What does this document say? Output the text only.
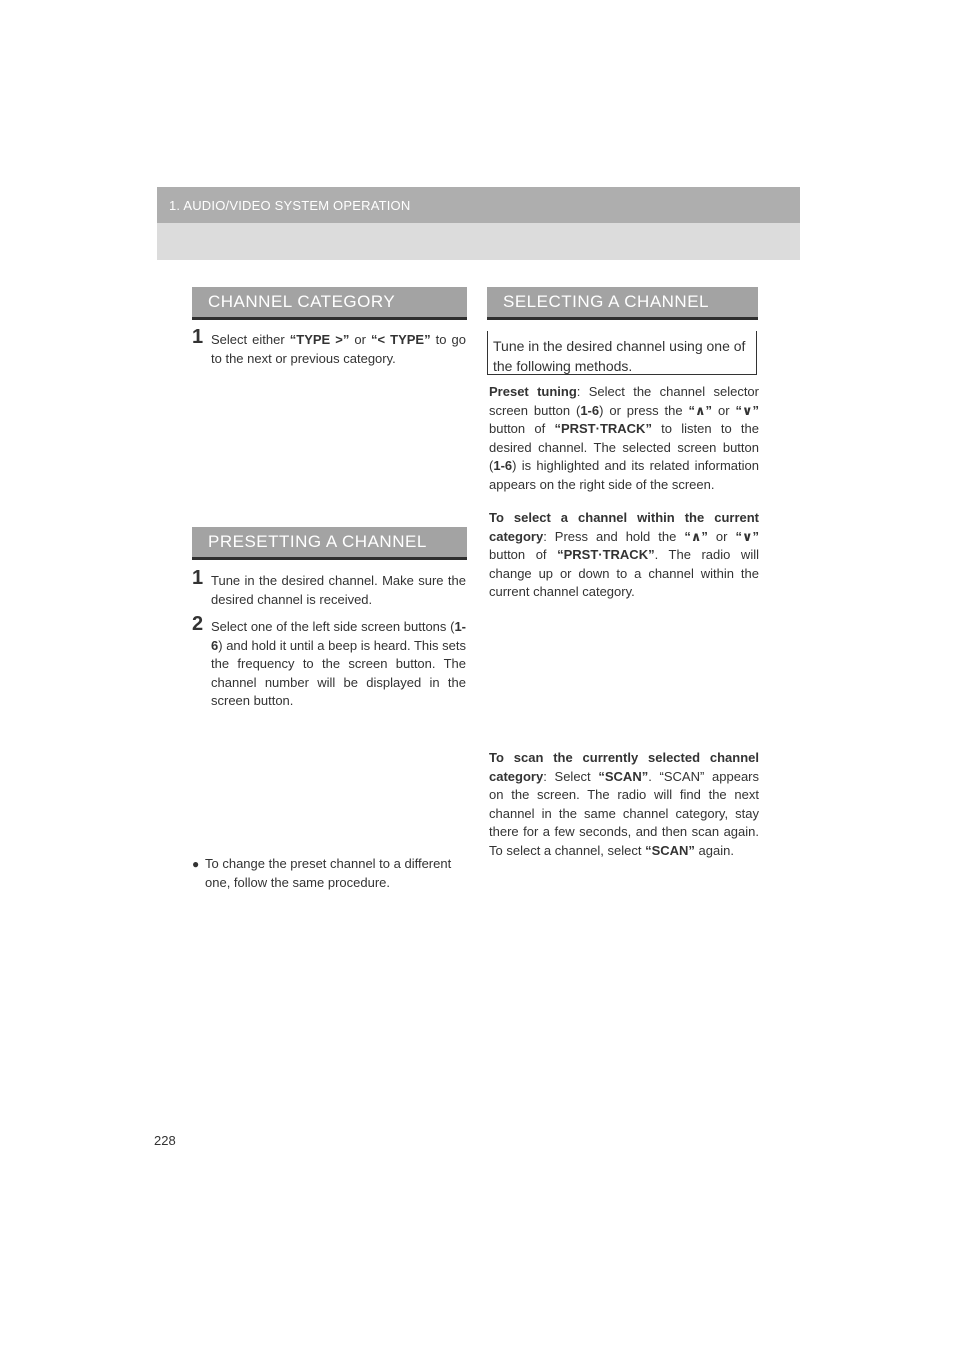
1. AUDIO/VIDEO SYSTEM OPERATION
CHANNEL CATEGORY
1 Select either “TYPE >” or “< TYPE” to go to the next or previous category.
PRESETTING A CHANNEL
1 Tune in the desired channel. Make sure the desired channel is received.
2 Select one of the left side screen buttons (1-6) and hold it until a beep is heard. This sets the frequency to the screen button. The channel number will be displayed in the screen button.
● To change the preset channel to a different one, follow the same procedure.
SELECTING A CHANNEL
Tune in the desired channel using one of the following methods.
Preset tuning: Select the channel selector screen button (1-6) or press the “∧” or “∨” button of “PRST·TRACK” to listen to the desired channel. The selected screen button (1-6) is highlighted and its related information appears on the right side of the screen.
To select a channel within the current category: Press and hold the “∧” or “∨” button of “PRST·TRACK”. The radio will change up or down to a channel within the current channel category.
To scan the currently selected channel category: Select “SCAN”. “SCAN” appears on the screen. The radio will find the next channel in the same channel category, stay there for a few seconds, and then scan again. To select a channel, select “SCAN” again.
228
